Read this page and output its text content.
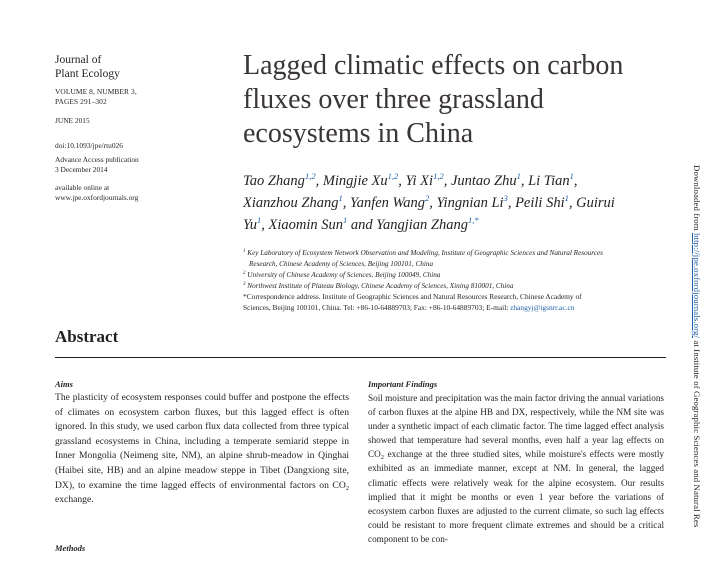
Journal of
Plant Ecology
VOLUME 8, NUMBER 3,
PAGES 291–302
JUNE 2015
doi:10.1093/jpe/rtu026
Advance Access publication
3 December 2014
available online at
www.jpe.oxfordjournals.org
Lagged climatic effects on carbon
fluxes over three grassland
ecosystems in China
Tao Zhang$^{1,2}$, Mingjie Xu$^{1,2}$, Yi Xi$^{1,2}$, Juntao Zhu$^1$, Li Tian$^1$, Xianzhou Zhang$^1$, Yanfen Wang$^2$, Yingnian Li$^3$, Peili Shi$^1$, Guirui Yu$^1$, Xiaomin Sun$^1$ and Yangjian Zhang$^{1,*}$
$^1$ Key Laboratory of Ecosystem Network Observation and Modeling, Institute of Geographic Sciences and Natural Resources
Research, Chinese Academy of Sciences, Beijing 100101, China
$^2$ University of Chinese Academy of Sciences, Beijing 100049, China
$^3$ Northwest Institute of Plateau Biology, Chinese Academy of Sciences, Xining 810001, China
*Correspondence address. Institute of Geographic Sciences and Natural Resources Research, Chinese Academy of
Sciences, Beijing 100101, China. Tel: +86-10-64889703; Fax: +86-10-64889703; E-mail: zhangyj@igsnrr.ac.cn
Abstract
Aims
The plasticity of ecosystem responses could buffer and postpone the effects of climates on ecosystem carbon fluxes, but this lagged effect is often ignored. In this study, we used carbon flux data collected from three typical grassland ecosystems in China, including a temperate semiarid steppe in Inner Mongolia (Neimeng site, NM), an alpine shrub-meadow in Qinghai (Haibei site, HB) and an alpine meadow steppe in Tibet (Dangxiong site, DX), to examine the time lagged effects of environmental factors on $CO_2$ exchange.
Methods
Important Findings
Soil moisture and precipitation was the main factor driving the annual variations of carbon fluxes at the alpine HB and DX, respectively, while the NM site was under a synthetic impact of each climatic factor. The time lagged effect analysis showed that temperature had several months, even half a year lag effects on $CO_2$ exchange at the three studied sites, while moisture's effects were mostly exhibited as an immediate manner, except at NM. In general, the lagged climatic effects were relatively weak for the alpine ecosystem. Our results implied that it might be months or even 1 year before the variations of ecosystem carbon fluxes are adjusted to the current climate, so such lag effects could be resistant to more frequent climate extremes and should be a critical component to be con-
Downloaded from http://jpe.oxfordjournals.org/ at Institute of Geographic Sciences and Natural Res
